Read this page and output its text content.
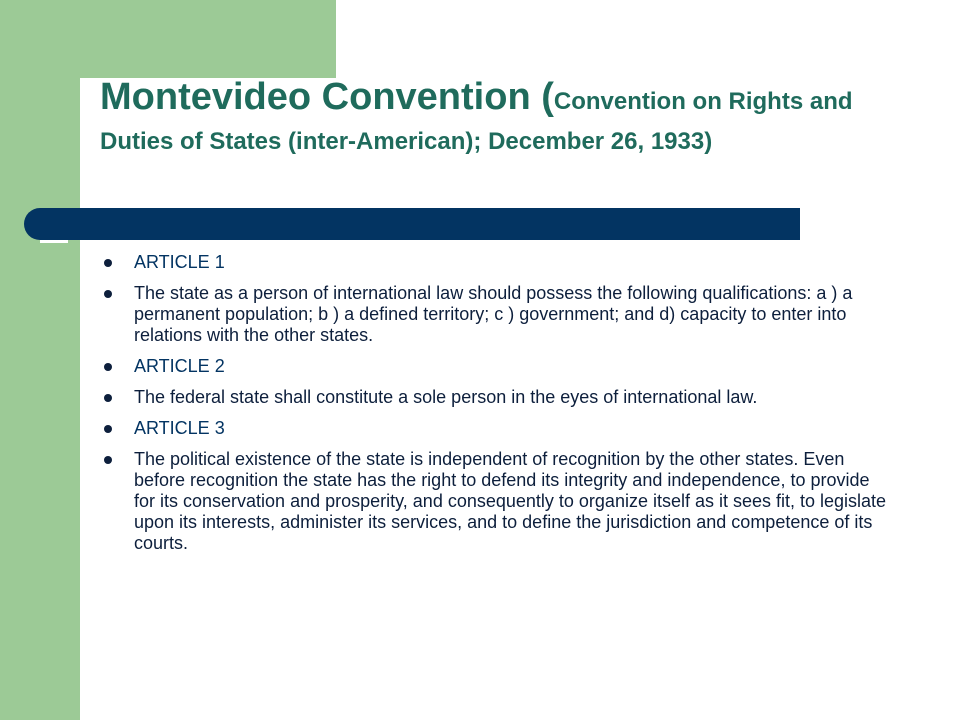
Montevideo Convention (Convention on Rights and Duties of States (inter-American); December 26, 1933)
ARTICLE 1
The state as a person of international law should possess the following qualifications: a ) a permanent population; b ) a defined territory; c ) government; and d) capacity to enter into relations with the other states.
ARTICLE 2
The federal state shall constitute a sole person in the eyes of international law.
ARTICLE 3
The political existence of the state is independent of recognition by the other states. Even before recognition the state has the right to defend its integrity and independence, to provide for its conservation and prosperity, and consequently to organize itself as it sees fit, to legislate upon its interests, administer its services, and to define the jurisdiction and competence of its courts.
